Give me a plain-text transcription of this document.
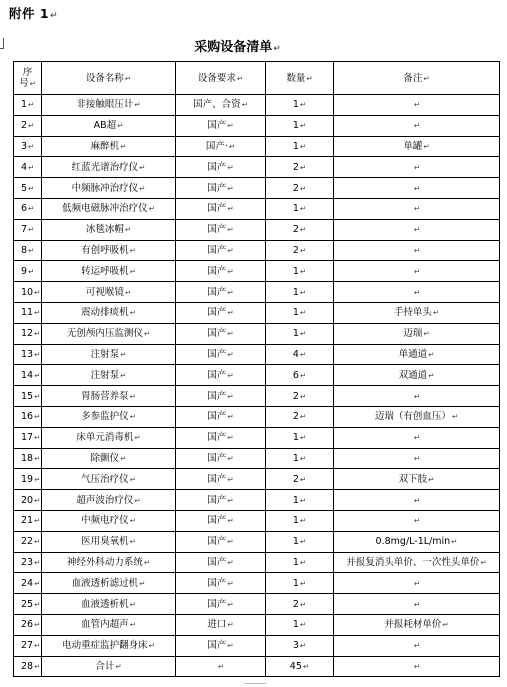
附件 1↵
采购设备清单↵
序
号↵	设备名称↵	设备要求↵	数量↵	备注↵
1↵	非接触眼压计↵	国产、合资↵	1↵	↵
2↵	AB超↵	国产↵	1↵	↵
3↵	麻醉机↵	国产·↵	1↵	单罐↵
4↵	红蓝光谱治疗仪↵	国产↵	2↵	↵
5↵	中频脉冲治疗仪↵	国产↵	2↵	↵
6↵	低频电磁脉冲治疗仪↵	国产↵	1↵	↵
7↵	冰毯冰帽↵	国产↵	2↵	↵
8↵	有创呼吸机↵	国产↵	2↵	↵
9↵	转运呼吸机↵	国产↵	1↵	↵
10↵	可视喉镜↵	国产↵	1↵	↵
11↵	震动排痰机↵	国产↵	1↵	手持单头↵
12↵	无创颅内压监测仪↵	国产↵	1↵	迈瑞↵
13↵	注射泵↵	国产↵	4↵	单通道↵
14↵	注射泵↵	国产↵	6↵	双通道↵
15↵	胃肠营养泵↵	国产↵	2↵	↵
16↵	多参监护仪↵	国产↵	2↵	迈瑞（有创血压）↵
17↵	床单元消毒机↵	国产↵	1↵	↵
18↵	除颤仪↵	国产↵	1↵	↵
19↵	气压治疗仪↵	国产↵	2↵	双下肢↵
20↵	超声波治疗仪↵	国产↵	1↵	↵
21↵	中频电疗仪↵	国产↵	1↵	↵
22↵	医用臭氧机↵	国产↵	1↵	0.8mg/L-1L/min↵
23↵	神经外科动力系统↵	国产↵	1↵	并报复消头单价、一次性头单价↵
24↵	血液透析滤过机↵	国产↵	1↵	↵
25↵	血液透析机↵	国产↵	2↵	↵
26↵	血管内超声↵	进口↵	1↵	并报耗材单价↵
27↵	电动重症监护翻身床↵	国产↵	3↵	↵
28↵	合计↵	↵	45↵	↵
